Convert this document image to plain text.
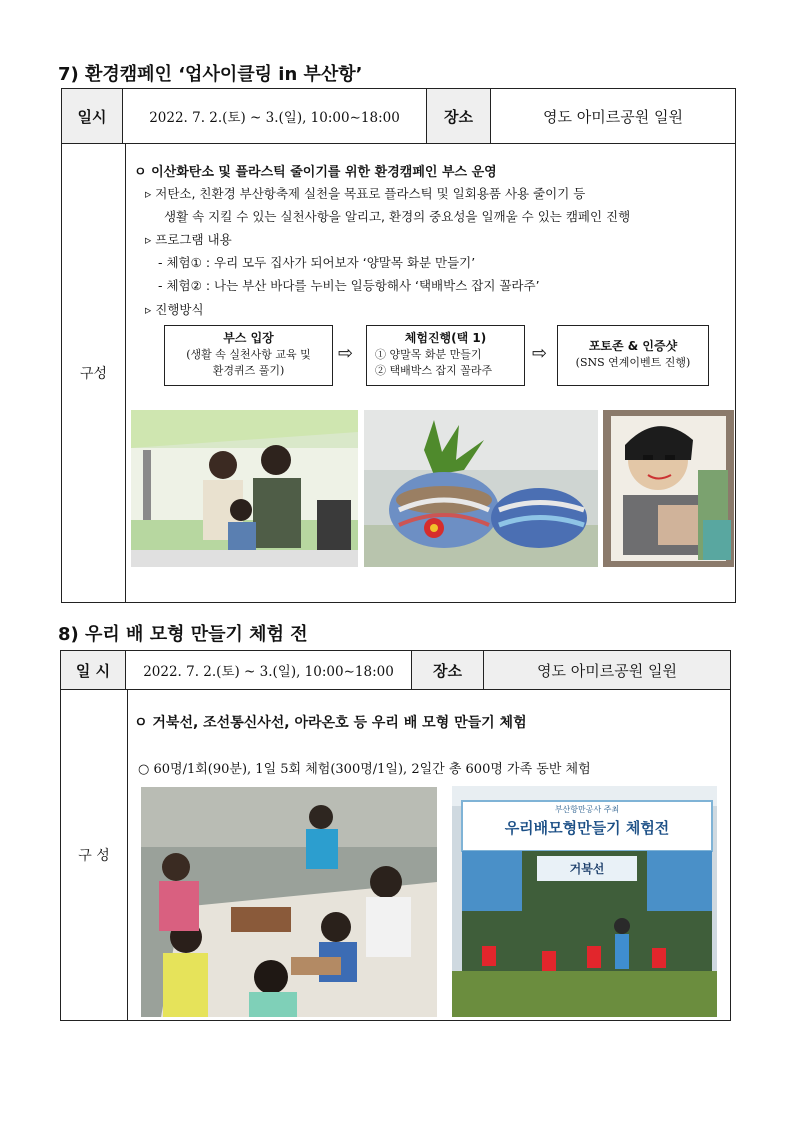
7) 환경캠페인 ‘업사이클링 in 부산항’
일시	2022. 7. 2.(토) ~ 3.(일), 10:00∼18:00	장소	영도 아미르공원 일원
구성
ㅇ 이산화탄소 및 플라스틱 줄이기를 위한 환경캠페인 부스 운영
▹ 저탄소, 친환경 부산항축제 실천을 목표로 플라스틱 및 일회용품 사용 줄이기 등
생활 속 지킬 수 있는 실천사항을 알리고, 환경의 중요성을 일깨울 수 있는 캠페인 진행
▹ 프로그램 내용
- 체험① : 우리 모두 집사가 되어보자 ‘양말목 화분 만들기’
- 체험② : 나는 부산 바다를 누비는 일등항해사 ‘택배박스 잡지 꼴라주’
▹ 진행방식
부스 입장
(생활 속 실천사항 교육 및
환경퀴즈 풀기)
⇨
체험진행(택 1)
① 양말목 화분 만들기
② 택배박스 잡지 꼴라주
⇨	포토존 & 인증샷
(SNS 연계이벤트 진행)
8) 우리 배 모형 만들기 체험 전
일 시	2022. 7. 2.(토) ~ 3.(일), 10:00∼18:00	장소	영도 아미르공원 일원
구 성
ㅇ 거북선, 조선통신사선, 아라온호 등 우리 배 모형 만들기 체험
○ 60명/1회(90분), 1일 5회 체험(300명/1일), 2일간 총 600명 가족 동반 체험
부산항만공사 주최
우리배모형만들기 체험전
거북선
